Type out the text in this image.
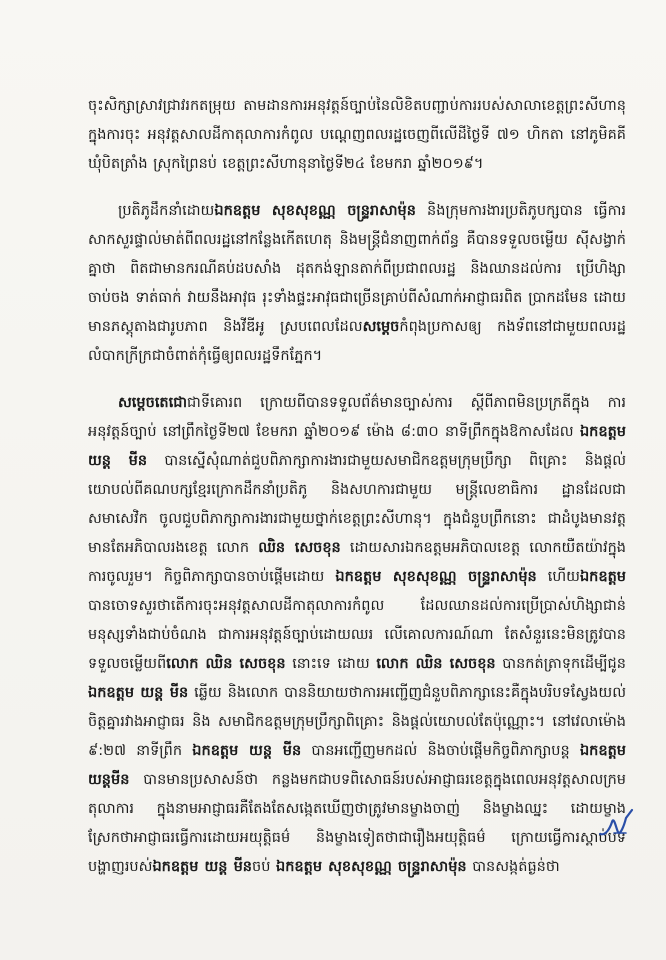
ចុះសិក្សាស្រាវជ្រាវរកតម្រុយ តាមដានការអនុវត្តន៍ច្បាប់នៃលិខិតបញ្ជាប់ការរបស់សាលាខេត្តព្រះសីហានុក្នុងការចុះ អនុវត្តសាលដីកាតុលាការកំពូល បណ្តេញពលរដ្ឋចេញពីលើដីថ្ងៃទី ៧១ ហិកតា នៅភូមិគគី ឃុំបិតត្រាំង ស្រុកព្រៃនប់ ខេត្តព្រះសីហានុនាថ្ងៃទី២៤ ខែមករា ឆ្នាំ២០១៩។

ប្រតិភូដឹកនាំដោយឯកឧត្តម សុខសុខណ្ណ ចន្ទ្ររាសាម៉ុន និងក្រុមការងារប្រតិភូបក្សបាន ធ្វើការសាកសួរផ្ទាល់មាត់ពីពលរដ្ឋនៅកន្លែងកើតហេតុ និងមន្ត្រីជំនាញពាក់ព័ន្ធ គឺបានទទួលចម្លើយ ស៊ីសង្វាក់គ្នាថា ពិតជាមានករណីគប់ដបសាំង ដុតកង់ឡានតាក់ពីប្រជាពលរដ្ឋ និងឈានដល់ការ ប្រើហិង្សា ចាប់ចង ទាត់ធាក់ វាយនឹងអាវុធ រុះទាំងផ្ទះអាវុធជាច្រើនគ្រាប់ពីសំណាក់អាជ្ញាធរពិត ប្រាកដមែន ដោយមានភស្តុតាងជារូបភាព និងវីឌីអូ ស្របពេលដែលសម្តេចកំពុងប្រកាសឲ្យ កងទ័ពនៅជាមួយពលរដ្ឋលំបាកក្រីក្រជាចំពាត់កុំធ្វើឲ្យពលរដ្ឋទឹកភ្នែក។

សម្តេចតេជោជាទីគោរព ក្រោយពីបានទទួលព័ត៌មានច្បាស់ការ ស្តីពីភាពមិនប្រក្រតីក្នុង ការអនុវត្តន៍ច្បាប់ នៅព្រឹកថ្ងៃទី២៧ ខែមករា ឆ្នាំ២០១៩ ម៉ោង ៨:៣០ នាទីព្រឹកក្នុងឱកាសដែល ឯកឧត្តម យន្ត មីន បានស្នើសុំណាត់ជួបពិភាក្សាការងារជាមួយសមាជិកឧត្តមក្រុមប្រឹក្សា ពិគ្រោះ និងផ្តល់យោបល់ពីគណបក្សខ្មែរក្រោកដឹកនាំប្រតិភូ និងសហការជាមួយ មន្ត្រីលេខាធិការ ដ្ឋានដែលជាសមាសេវិក ចូលជួបពិភាក្សាការងារជាមួយថ្នាក់ខេត្តព្រះសីហានុ។ ក្នុងជំនួបព្រឹកនោះ ជាដំបូងមានវត្តមានតែអភិបាលរងខេត្ត លោក ឈិន សេចខុន ដោយសារឯកឧត្តមអភិបាលខេត្ត លោកយឺតយ៉ាវក្នុងការចូលរួម។ កិច្ចពិភាក្សាបានចាប់ផ្តើមដោយ ឯកឧត្តម សុខសុខណ្ណ ចន្ទ្ររាសាម៉ុន ហើយឯកឧត្តមបានចោទសួរថាតើការចុះអនុវត្តសាលដីកាតុលាការកំពូល ដែលឈានដល់ការប្រើប្រាស់ហិង្សាជាន់មនុស្សទាំងជាប់ចំណង ជាការអនុវត្តន៍ច្បាប់ដោយឈរ លើគោលការណ៍ណា តែសំនួរនេះមិនត្រូវបានទទួលចម្លើយពីលោក ឈិន សេចខុន នោះទេ ដោយ លោក ឈិន សេចខុន បានកត់ត្រាទុកដើម្បីជូន ឯកឧត្តម យន្ត មីន ឆ្លើយ និងលោក បាននិយាយថាការអញ្ជើញជំនួបពិភាក្សានេះគឺក្នុងបរិបទស្វែងយល់ចិត្តគ្នារវាងអាជ្ញាធរ និង សមាជិកឧត្តមក្រុមប្រឹក្សាពិគ្រោះ និងផ្តល់យោបល់តែប៉ុណ្ណោះ។ នៅវេលាម៉ោង ៩:២៧ នាទីព្រឹក ឯកឧត្តម យន្ត មីន បានអញ្ជើញមកដល់ និងចាប់ផ្តើមកិច្ចពិភាក្សាបន្ត ឯកឧត្តម យន្តមីន បានមានប្រសាសន៍ថា កន្លងមកជាបទពិសោធន៍របស់អាជ្ញាធរខេត្តក្នុងពេលអនុវត្តសាលក្រម តុលាការ ក្នុងនាមអាជ្ញាធរគឺតែងតែសង្កេតឃើញថាត្រូវមានម្ខាងចាញ់ និងម្ខាងឈ្នះ ដោយម្ខាង ស្រែកថាអាជ្ញាធរធ្វើការដោយអយុត្តិធម៌ និងម្ខាងទៀតថាជារឿងអយុត្តិធម៌ ក្រោយធ្វើការស្តាប់បទ បង្ហាញរបស់ឯកឧត្តម យន្ត មីនចប់ ឯកឧត្តម សុខសុខណ្ណ ចន្ទ្ររាសាម៉ុន បានសង្កត់ធ្ងន់ថា
